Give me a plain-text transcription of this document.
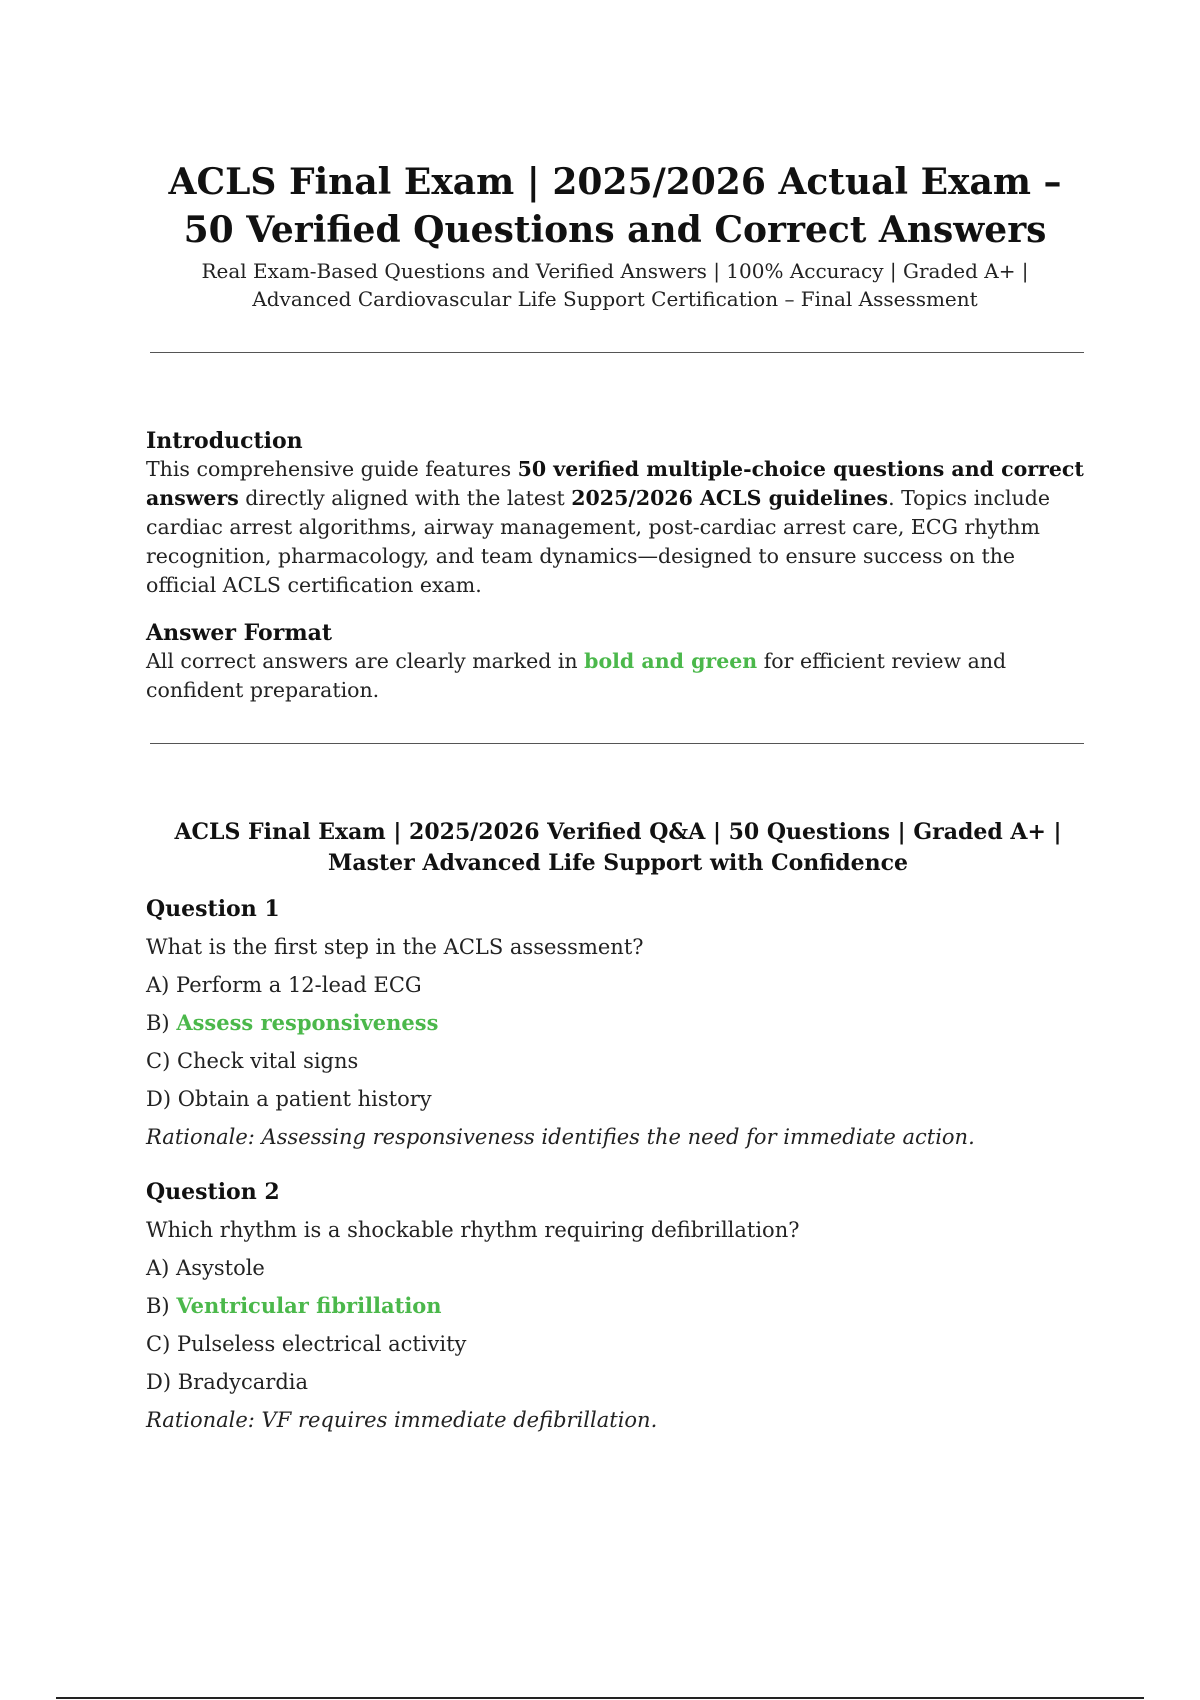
ACLS Final Exam | 2025/2026 Actual Exam – 50 Verified Questions and Correct Answers
Real Exam-Based Questions and Verified Answers | 100% Accuracy | Graded A+ | Advanced Cardiovascular Life Support Certification – Final Assessment

Introduction

This comprehensive guide features 50 verified multiple-choice questions and correct answers directly aligned with the latest 2025/2026 ACLS guidelines. Topics include cardiac arrest algorithms, airway management, post-cardiac arrest care, ECG rhythm recognition, pharmacology, and team dynamics—designed to ensure success on the official ACLS certification exam.

Answer Format

All correct answers are clearly marked in bold and green for efficient review and confident preparation.

ACLS Final Exam | 2025/2026 Verified Q&A | 50 Questions | Graded A+ | Master Advanced Life Support with Confidence
Question 1
What is the first step in the ACLS assessment?
A) Perform a 12-lead ECG
B) Assess responsiveness
C) Check vital signs
D) Obtain a patient history
Rationale: Assessing responsiveness identifies the need for immediate action.
Question 2
Which rhythm is a shockable rhythm requiring defibrillation?
A) Asystole
B) Ventricular fibrillation
C) Pulseless electrical activity
D) Bradycardia
Rationale: VF requires immediate defibrillation.
